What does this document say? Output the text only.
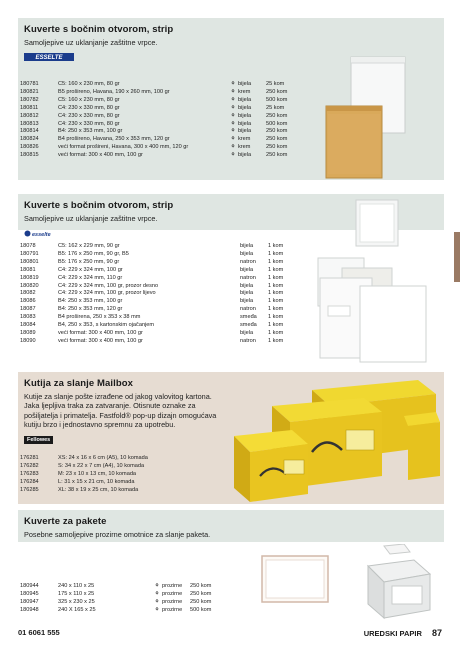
Kuverte s bočnim otvorom, strip
Samoljepive uz uklanjanje zaštitne vrpce.
ESSELTE
180781	C5: 160 x 230 mm, 80 gr	⚘	bijela	25 kom
180821	B5 prošireno, Havana, 190 x 260 mm, 100 gr	⚘	krem	250 kom
180782	C5: 160 x 230 mm, 80 gr	⚘	bijela	500 kom
180811	C4: 230 x 330 mm, 80 gr	⚘	bijela	25 kom
180812	C4: 230 x 330 mm, 80 gr	⚘	bijela	250 kom
180813	C4: 230 x 330 mm, 80 gr	⚘	bijela	500 kom
180814	B4: 250 x 353 mm, 100 gr	⚘	bijela	250 kom
180824	B4 prošireno, Havana, 250 x 353 mm, 120 gr	⚘	krem	250 kom
180826	veći format prošireni, Havana, 300 x 400 mm, 120 gr	⚘	krem	250 kom
180815	veći format: 300 x 400 mm, 100 gr	⚘	bijela	250 kom
Kuverte s bočnim otvorom, strip
Samoljepive uz uklanjanje zaštitne vrpce.
esselte
18078	C5: 162 x 229 mm, 90 gr		bijela	1 kom
180791	B5: 176 x 250 mm, 90 gr, B5		bijela	1 kom
180801	B5: 176 x 250 mm, 90 gr		natron	1 kom
18081	C4: 229 x 324 mm, 100 gr		bijela	1 kom
180819	C4: 229 x 324 mm, 110 gr		natron	1 kom
180820	C4: 229 x 324 mm, 100 gr, prozor desno		bijela	1 kom
18082	C4: 229 x 324 mm, 100 gr, prozor lijevo		bijela	1 kom
18086	B4: 250 x 353 mm, 100 gr		bijela	1 kom
18087	B4: 250 x 353 mm, 120 gr		natron	1 kom
18083	B4 proširena, 250 x 353 x 38 mm		smeđa	1 kom
18084	B4, 250 x 353, s kartonskim ojačanjem		smeđa	1 kom
18089	veći format: 300 x 400 mm, 100 gr		bijela	1 kom
18090	veći format: 300 x 400 mm, 100 gr		natron	1 kom
Kutija za slanje Mailbox
Kutije za slanje pošte izrađene od jakog valovitog kartona. Jaka ljepljiva traka za zatvaranje. Otisnute oznake za pošiljatelja i primatelja. Fastfold® pop-up dizajn omogućava kutiju brzo i jednostavno spremnu za upotrebu.
Fellowes
176281	XS: 24 x 16 x 6 cm (A5), 10 komada
176282	S: 34 x 22 x 7 cm (A4), 10 komada
176283	M: 23 x 10 x 13 cm, 10 komada
176284	L: 31 x 15 x 21 cm, 10 komada
176285	XL: 38 x 19 x 25 cm, 10 komada
Kuverte za pakete
Posebne samoljepive prozirne omotnice za slanje paketa.
180944	240 x 110 x 25	⚘	prozirne	250 kom
180945	175 x 110 x 25	⚘	prozirne	250 kom
180947	325 x 230 x 25	⚘	prozirne	250 kom
180948	240 X 165 x 25	⚘	prozirne	500 kom
01 6061 555	UREDSKI PAPIR 87
